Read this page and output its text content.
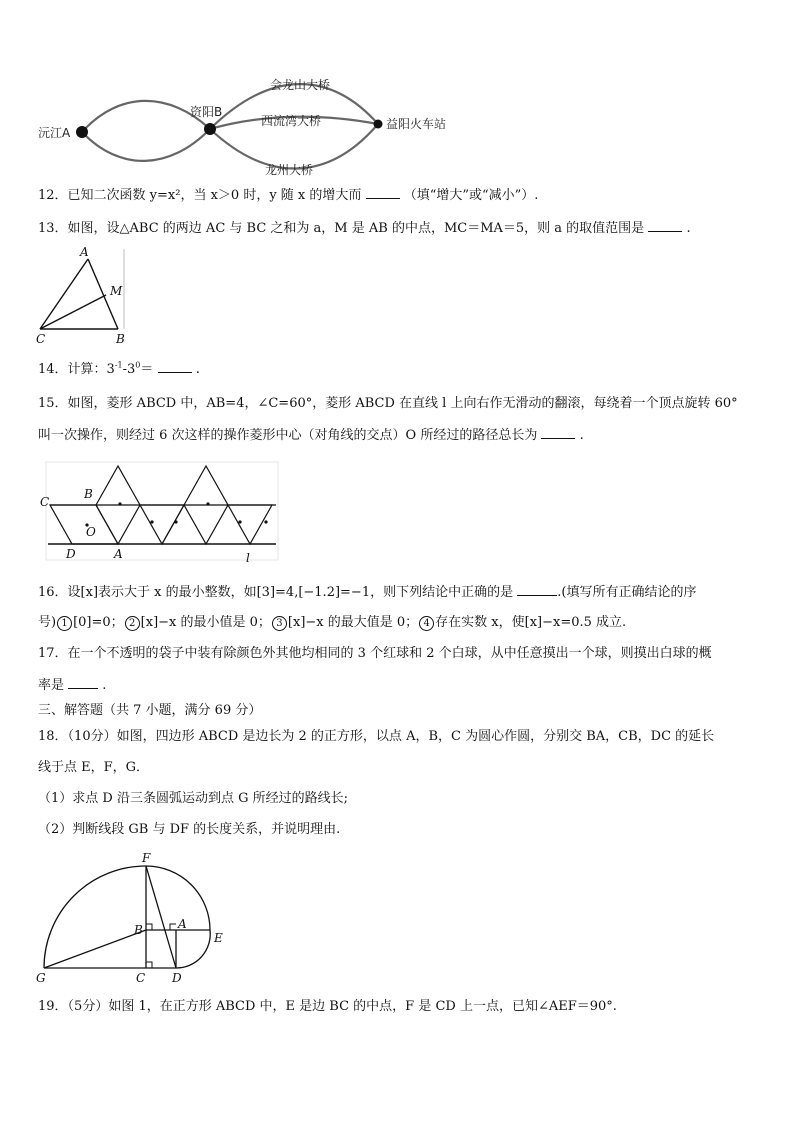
沅江A
资阳B
益阳火车站
会龙山大桥
西流湾大桥
龙州大桥
12．已知二次函数 y=x²，当 x＞0 时，y 随 x 的增大而	（填“增大”或“减小”）.
13．如图，设△ABC 的两边 AC 与 BC 之和为 a，M 是 AB 的中点，MC＝MA＝5，则 a 的取值范围是	.
A
M
C	B
14．计算：$3^{-1}-3^0=$	.
15．如图，菱形 ABCD 中，AB=4，∠C=60°，菱形 ABCD 在直线 l 上向右作无滑动的翻滚，每绕着一个顶点旋转 60°
叫一次操作，则经过 6 次这样的操作菱形中心（对角线的交点）O 所经过的路径总长为	.
C
B
O
D	A	l
16．设[x]表示大于 x 的最小整数，如[3]=4,[−1.2]=−1，则下列结论中正确的是	.(填写所有正确结论的序
号) 1 [0]=0； 2 [x]−x 的最小值是 0； 3 [x]−x 的最大值是 0； 4 存在实数 x，使[x]−x=0.5 成立.
17．在一个不透明的袋子中装有除颜色外其他均相同的 3 个红球和 2 个白球，从中任意摸出一个球，则摸出白球的概
率是	.
三、解答题（共 7 小题，满分 69 分）
18．（10分）如图，四边形 ABCD 是边长为 2 的正方形，以点 A，B，C 为圆心作圆，分别交 BA，CB，DC 的延长
线于点 E，F，G．
（1）求点 D 沿三条圆弧运动到点 G 所经过的路线长;
（2）判断线段 GB 与 DF 的长度关系，并说明理由.
F
B	A
E
G	C D
19．（5分）如图 1，在正方形 ABCD 中，E 是边 BC 的中点，F 是 CD 上一点，已知∠AEF＝90°.
